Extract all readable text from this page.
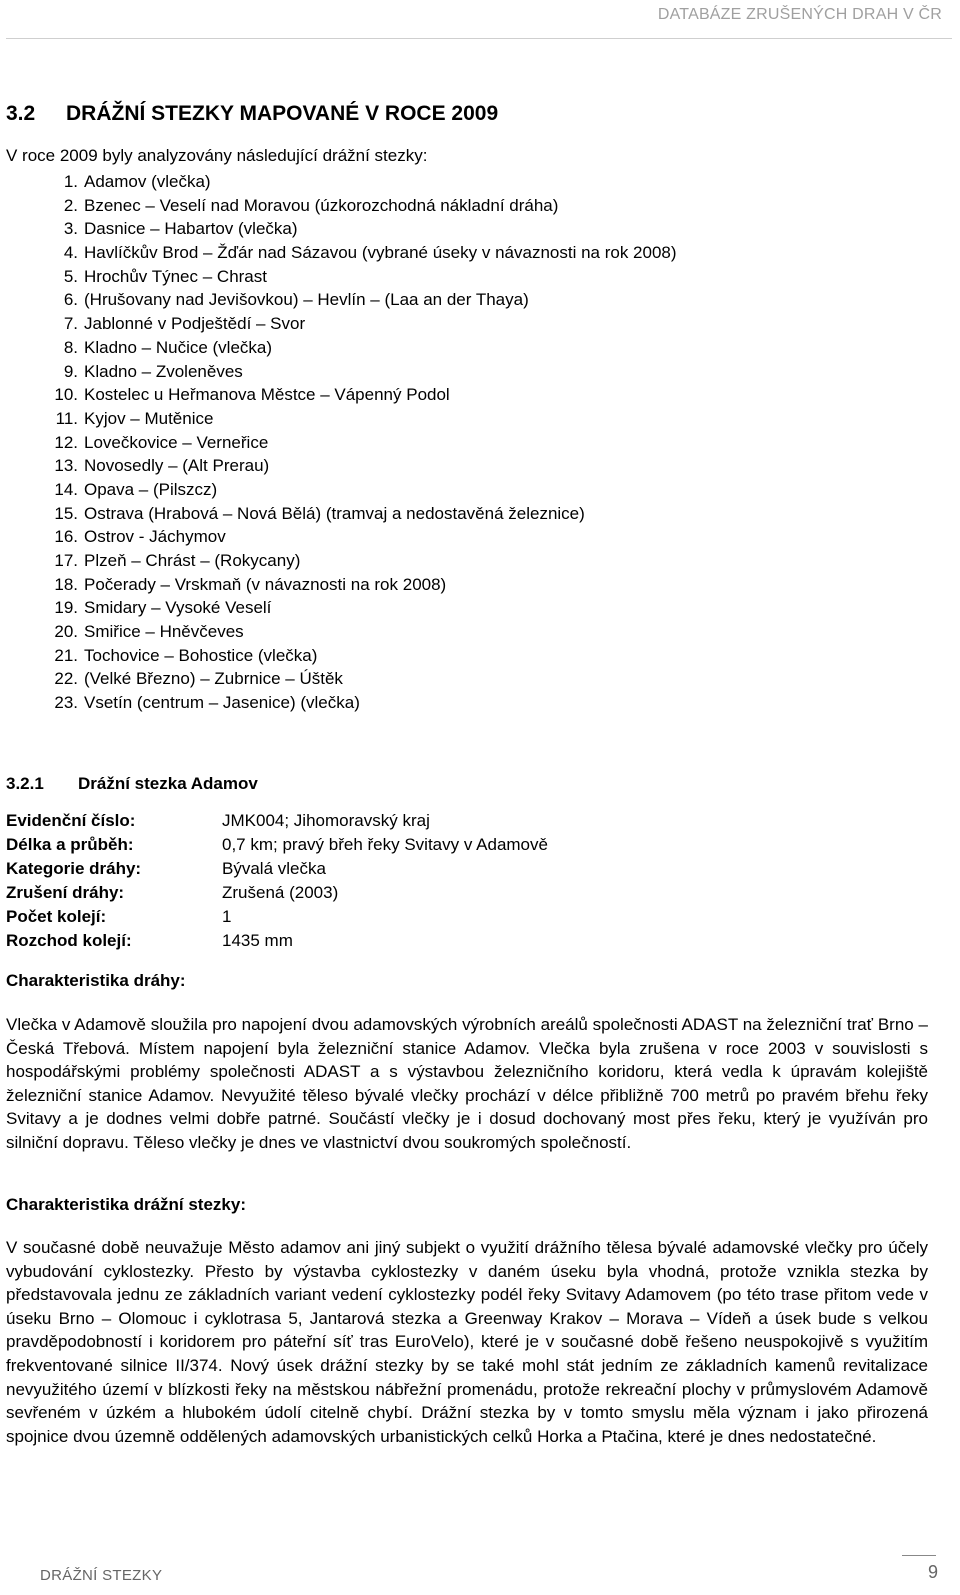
DATABÁZE ZRUŠENÝCH DRAH V ČR
3.2 DRÁŽNÍ STEZKY MAPOVANÉ V ROCE 2009
V roce 2009 byly analyzovány následující drážní stezky:
1. Adamov (vlečka)
2. Bzenec – Veselí nad Moravou (úzkorozchodná nákladní dráha)
3. Dasnice – Habartov (vlečka)
4. Havlíčkův Brod – Žďár nad Sázavou (vybrané úseky v návaznosti na rok 2008)
5. Hrochův Týnec – Chrast
6. (Hrušovany nad Jevišovkou) – Hevlín – (Laa an der Thaya)
7. Jablonné v Podještědí – Svor
8. Kladno – Nučice (vlečka)
9. Kladno – Zvoleněves
10. Kostelec u Heřmanova Městce – Vápenný Podol
11. Kyjov – Mutěnice
12. Lovečkovice – Verneřice
13. Novosedly – (Alt Prerau)
14. Opava – (Pilszcz)
15. Ostrava (Hrabová – Nová Bělá) (tramvaj a nedostavěná železnice)
16. Ostrov - Jáchymov
17. Plzeň – Chrást – (Rokycany)
18. Počerady – Vrskmaň (v návaznosti na rok 2008)
19. Smidary – Vysoké Veselí
20. Smiřice – Hněvčeves
21. Tochovice – Bohostice (vlečka)
22. (Velké Březno) – Zubrnice – Úštěk
23. Vsetín (centrum – Jasenice) (vlečka)
3.2.1 Drážní stezka Adamov
Evidenční číslo:	JMK004; Jihomoravský kraj
Délka a průběh:	0,7 km; pravý břeh řeky Svitavy v Adamově
Kategorie dráhy:	Bývalá vlečka
Zrušení dráhy:	Zrušená (2003)
Počet kolejí:	1
Rozchod kolejí:	1435 mm
Charakteristika dráhy:

Vlečka v Adamově sloužila pro napojení dvou adamovských výrobních areálů společnosti ADAST na železniční trať Brno – Česká Třebová. Místem napojení byla železniční stanice Adamov. Vlečka byla zrušena v roce 2003 v souvislosti s hospodářskými problémy společnosti ADAST a s výstavbou železničního koridoru, která vedla k úpravám kolejiště železniční stanice Adamov. Nevyužité těleso bývalé vlečky prochází v délce přibližně 700 metrů po pravém břehu řeky Svitavy a je dodnes velmi dobře patrné. Součástí vlečky je i dosud dochovaný most přes řeku, který je využíván pro silniční dopravu. Těleso vlečky je dnes ve vlastnictví dvou soukromých společností.

Charakteristika drážní stezky:

V současné době neuvažuje Město adamov ani jiný subjekt o využití drážního tělesa bývalé adamovské vlečky pro účely vybudování cyklostezky. Přesto by výstavba cyklostezky v daném úseku byla vhodná, protože vznikla stezka by představovala jednu ze základních variant vedení cyklostezky podél řeky Svitavy Adamovem (po této trase přitom vede v úseku Brno – Olomouc i cyklotrasa 5, Jantarová stezka a Greenway Krakov – Morava – Vídeň a úsek bude s velkou pravděpodobností i koridorem pro páteřní síť tras EuroVelo), které je v současné době řešeno neuspokojivě s využitím frekventované silnice II/374. Nový úsek drážní stezky by se také mohl stát jedním ze základních kamenů revitalizace nevyužitého území v blízkosti řeky na městskou nábřežní promenádu, protože rekreační plochy v průmyslovém Adamově sevřeném v úzkém a hlubokém údolí citelně chybí. Drážní stezka by v tomto smyslu měla význam i jako přirozená spojnice dvou územně oddělených adamovských urbanistických celků Horka a Ptačina, které je dnes nedostatečné.

DRÁŽNÍ STEZKY	9
